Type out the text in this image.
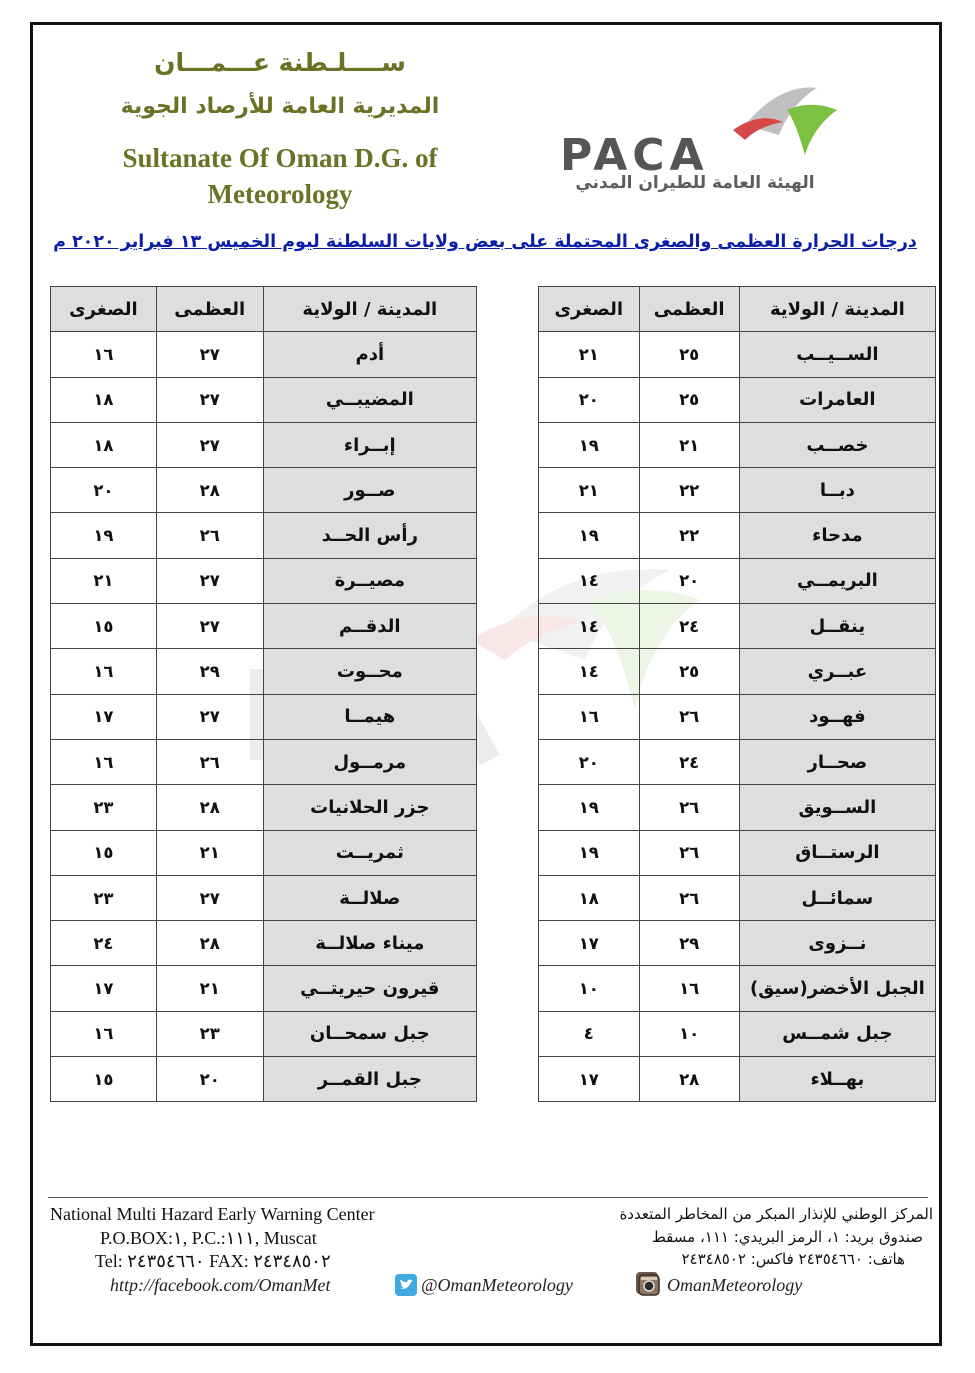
ســــلـطنة عـــمـــان
المديرية العامة للأرصاد الجوية
Sultanate Of Oman D.G. of
Meteorology
PACA
الهيئة العامة للطيران المدني
درجات الحرارة العظمى والصغرى المحتملة على بعض ولايات السلطنة ليوم الخميس ١٣ فبراير ٢٠٢٠ م
المدينة / الولاية	العظمى	الصغرى
الســيــب	٢٥	٢١
العامرات	٢٥	٢٠
خصــب	٢١	١٩
دبــا	٢٢	٢١
مدحاء	٢٢	١٩
البريمــي	٢٠	١٤
ينقــل	٢٤	١٤
عبــري	٢٥	١٤
فهــود	٢٦	١٦
صحــار	٢٤	٢٠
الســويق	٢٦	١٩
الرستــاق	٢٦	١٩
سمائــل	٢٦	١٨
نــزوى	٢٩	١٧
الجبل الأخضر(سيق)	١٦	١٠
جبل شمــس	١٠	٤
بهــلاء	٢٨	١٧
المدينة / الولاية	العظمى	الصغرى
أدم	٢٧	١٦
المضيبــي	٢٧	١٨
إبــراء	٢٧	١٨
صــور	٢٨	٢٠
رأس الحــد	٢٦	١٩
مصيــرة	٢٧	٢١
الدقــم	٢٧	١٥
محــوت	٢٩	١٦
هيمــا	٢٧	١٧
مرمــول	٢٦	١٦
جزر الحلانيات	٢٨	٢٣
ثمريــت	٢١	١٥
صلالــة	٢٧	٢٣
ميناء صلالــة	٢٨	٢٤
قيرون حيريتــي	٢١	١٧
جبل سمحــان	٢٣	١٦
جبل القمــر	٢٠	١٥
National Multi Hazard Early Warning Center
P.O.BOX:١, P.C.:١١١, Muscat
Tel: ٢٤٣٥٤٦٦٠ FAX: ٢٤٣٤٨٥٠٢
المركز الوطني للإنذار المبكر من المخاطر المتعددة
صندوق بريد: ١، الرمز البريدي: ١١١، مسقط
هاتف: ٢٤٣٥٤٦٦٠ فاكس: ٢٤٣٤٨٥٠٢
http://facebook.com/OmanMet	@OmanMeteorology	OmanMeteorology
